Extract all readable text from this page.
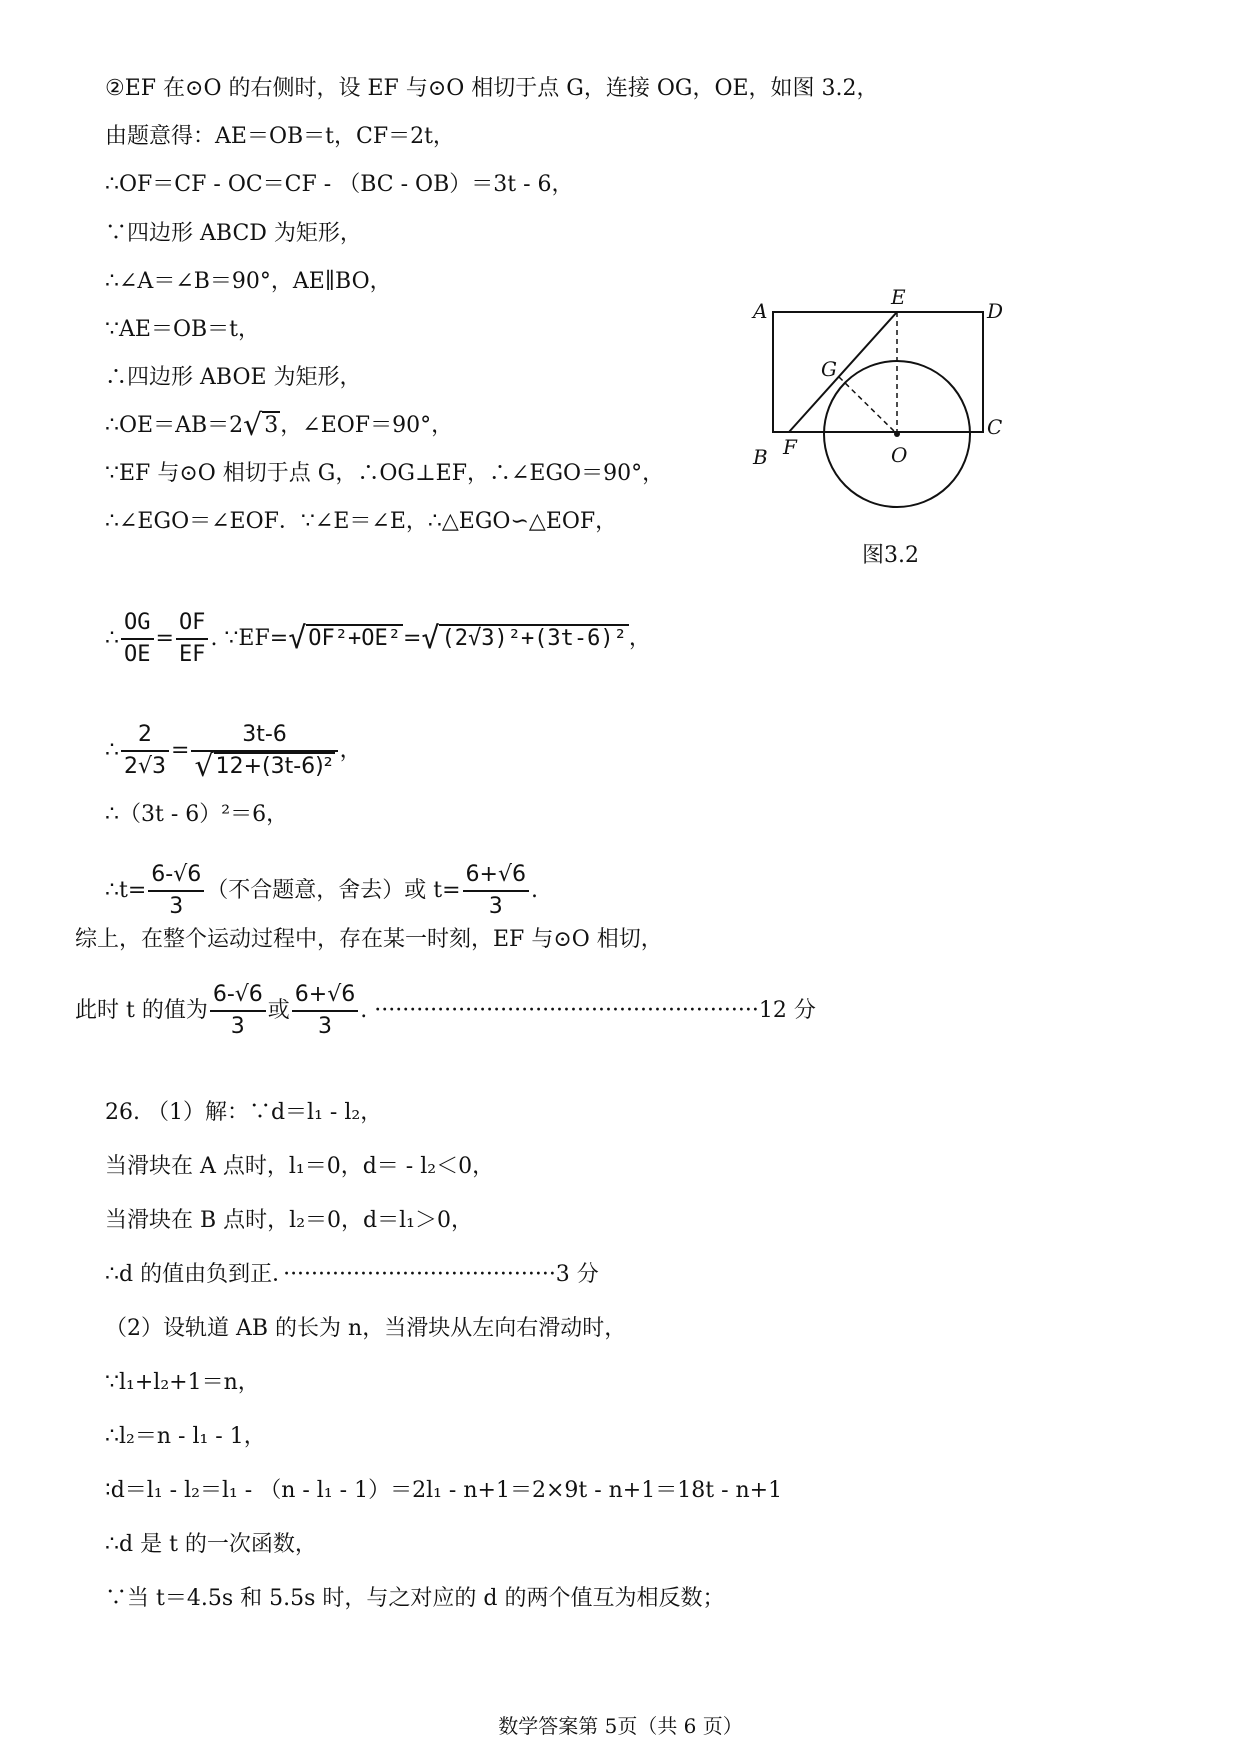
②EF 在⊙O 的右侧时，设 EF 与⊙O 相切于点 G，连接 OG，OE，如图 3.2，
由题意得：AE＝OB＝t，CF＝2t，
∴OF＝CF - OC＝CF - （BC - OB）＝3t - 6，
∵四边形 ABCD 为矩形，
∴∠A＝∠B＝90°，AE∥BO，
∵AE＝OB＝t，
∴四边形 ABOE 为矩形，
∴OE＝AB＝2√3，∠EOF＝90°，
∵EF 与⊙O 相切于点 G，∴OG⊥EF，∴∠EGO＝90°，
∴∠EGO＝∠EOF．∵∠E＝∠E，∴△EGO∽△EOF，
∴ $\frac{OG}{OE} = \frac{OF}{EF}$ . ∵EF=√OF²+OE²=√(2√3)²+(3t-6)²，
∴ $\frac{2}{2√3} = \frac{3t-6}{\text{√12+(3t-6)²}}$ ，
∴（3t - 6）²＝6，
∴t= $\frac{6-√6}{3}$ （不合题意，舍去）或 $t= \frac{6+√6}{3}$ .
综上，在整个运动过程中，存在某一时刻，EF 与⊙O 相切，
此时 t 的值为 $\frac{6-√6}{3}$ 或 $\frac{6+√6}{3}$ . ·······················································12 分
A	D
E
G
C
B F	O
图3.2
26. （1）解：∵d＝l₁ - l₂，
当滑块在 A 点时，l₁＝0，d＝ - l₂＜0，
当滑块在 B 点时，l₂＝0，d＝l₁＞0，
∴d 的值由负到正．·······································3 分
（2）设轨道 AB 的长为 n，当滑块从左向右滑动时，
∵l₁+l₂+1＝n，
∴l₂＝n - l₁ - 1，
∶d＝l₁ - l₂＝l₁ - （n - l₁ - 1）＝2l₁ - n+1＝2×9t - n+1＝18t - n+1
∴d 是 t 的一次函数，
∵当 t＝4.5s 和 5.5s 时，与之对应的 d 的两个值互为相反数；
数学答案第 5页（共 6 页）
